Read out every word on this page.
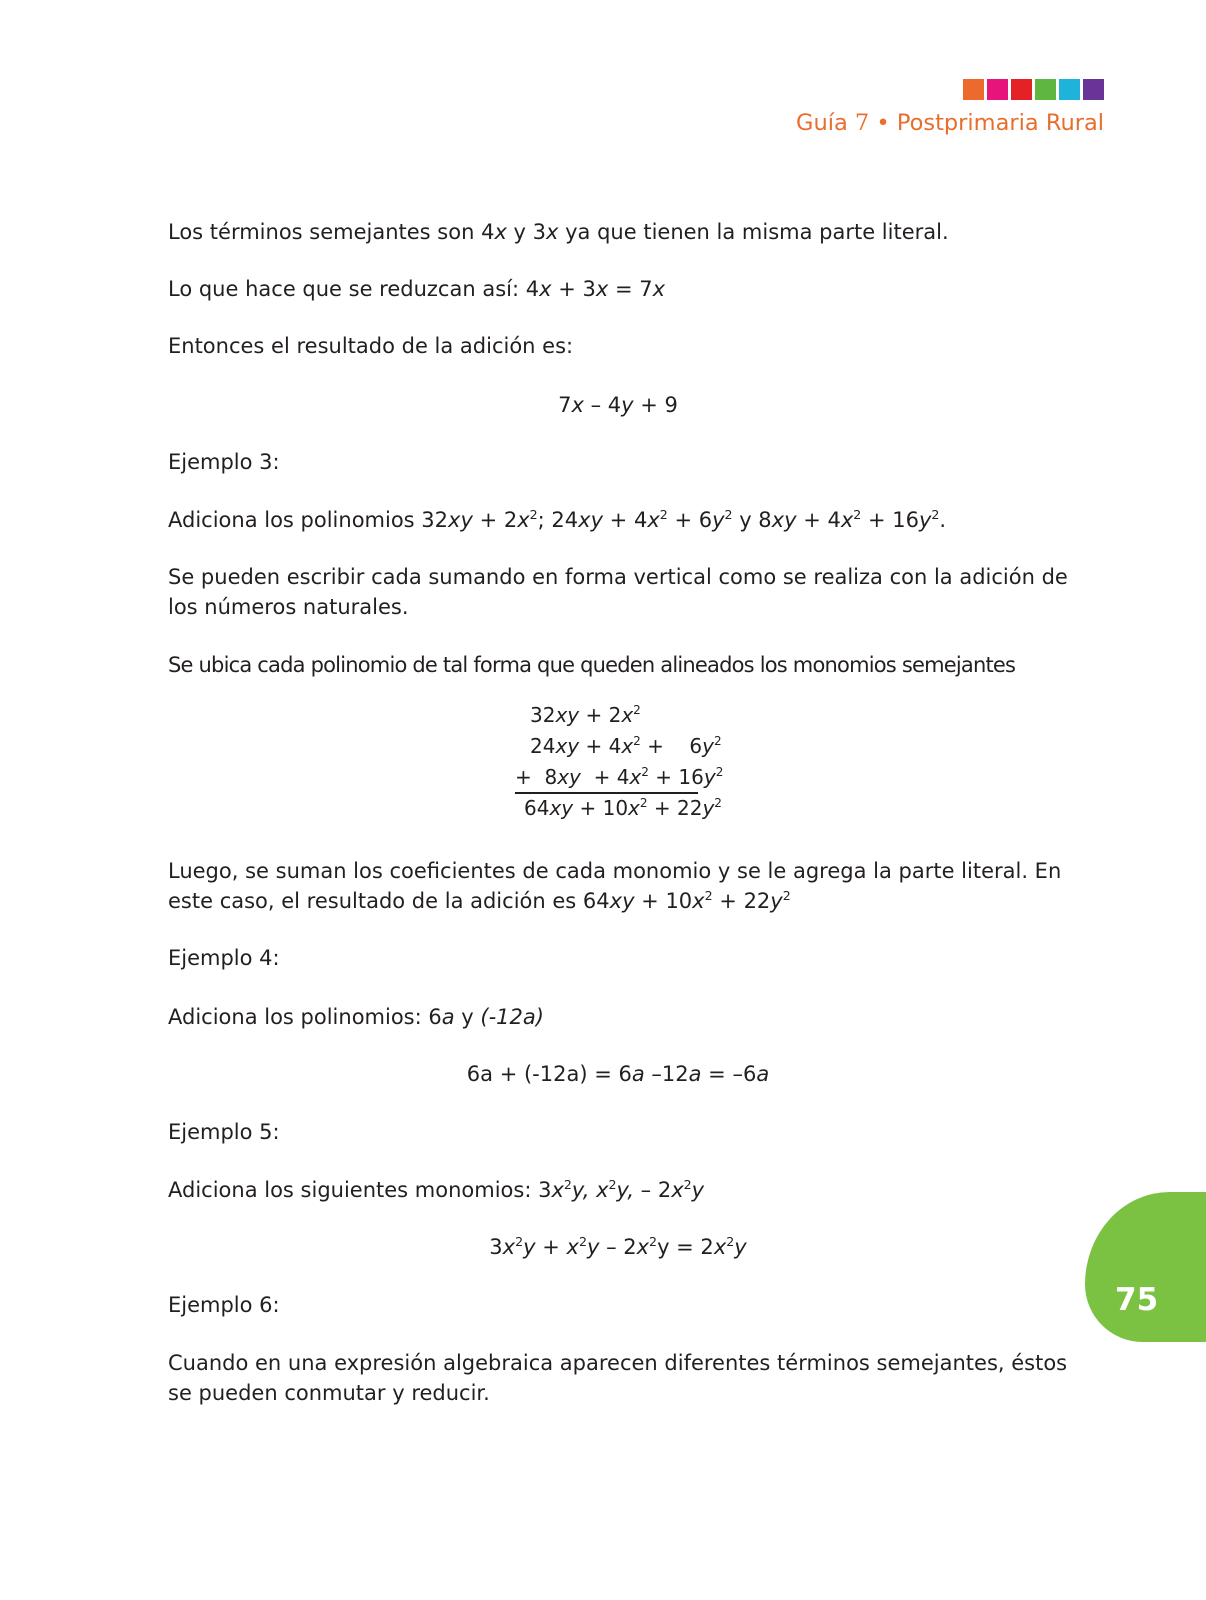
Guía 7 • Postprimaria Rural

Los términos semejantes son 4x y 3x ya que tienen la misma parte literal.

Lo que hace que se reduzcan así: 4x + 3x = 7x

Entonces el resultado de la adición es:

7x – 4y + 9

Ejemplo 3:

Adiciona los polinomios $32xy + 2x^2$; $24xy + 4x^2 + 6y^2$ y $8xy + 4x^2 + 16y^2$.

Se pueden escribir cada sumando en forma vertical como se realiza con la adición de los números naturales.

Se ubica cada polinomio de tal forma que queden alineados los monomios semejantes

$32xy + 2x^2$
$24xy + 4x^2$ +    $6y^2$
+  $8xy + 4x^2 + 16y^2$
$64xy + 10x^2 + 22y^2$

Luego, se suman los coeficientes de cada monomio y se le agrega la parte literal. En este caso, el resultado de la adición es $64xy + 10x^2 + 22y^2$

Ejemplo 4:

Adiciona los polinomios: 6a y (-12a)

6a + (-12a) = 6a –12a = –6a

Ejemplo 5:

Adiciona los siguientes monomios: $3x^2y$, $x^2y$, – $2x^2y$

$3x^2y + x^2y - 2x^2y = 2x^2y$

Ejemplo 6:

Cuando en una expresión algebraica aparecen diferentes términos semejantes, éstos se pueden conmutar y reducir.

75
